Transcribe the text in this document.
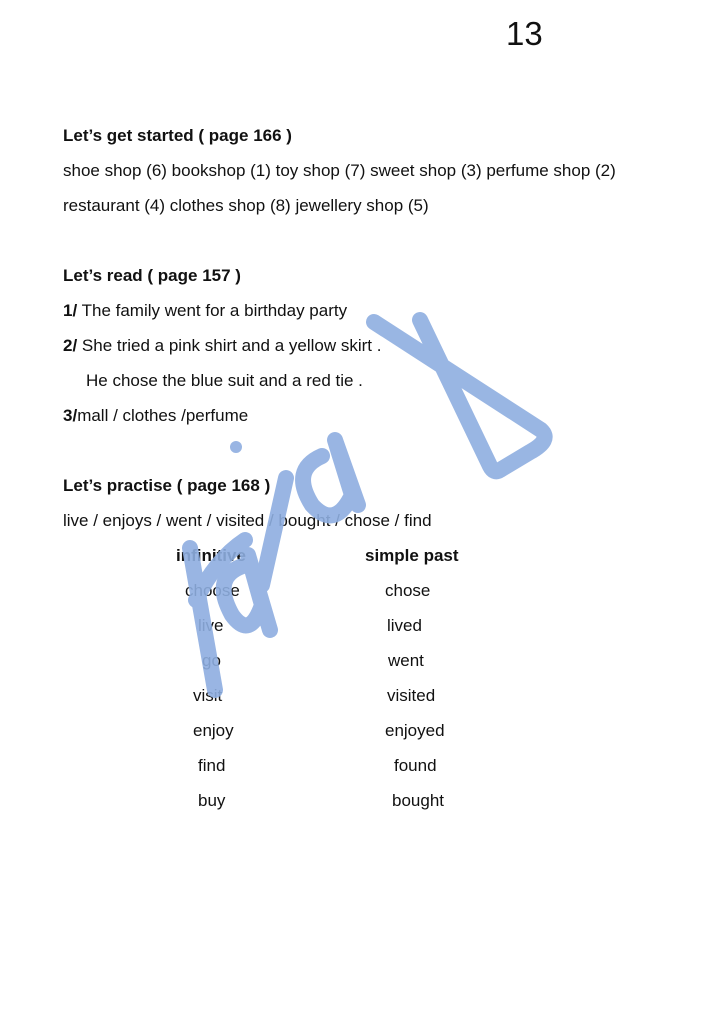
13
Let’s get started ( page 166 )
shoe shop (6) bookshop (1) toy shop (7) sweet shop (3) perfume shop (2)
restaurant (4) clothes shop (8) jewellery shop (5)
Let’s read ( page 157 )
1/ The family went for a birthday party
2/ She tried a pink shirt and a yellow skirt .
He chose the blue suit and a red tie .
3/mall / clothes /perfume
Let’s practise ( page 168 )
live / enjoys / went / visited / bought / chose / find
infinitive	simple past
choose	chose
live	lived
go	went
visit	visited
enjoy	enjoyed
find	found
buy	bought
